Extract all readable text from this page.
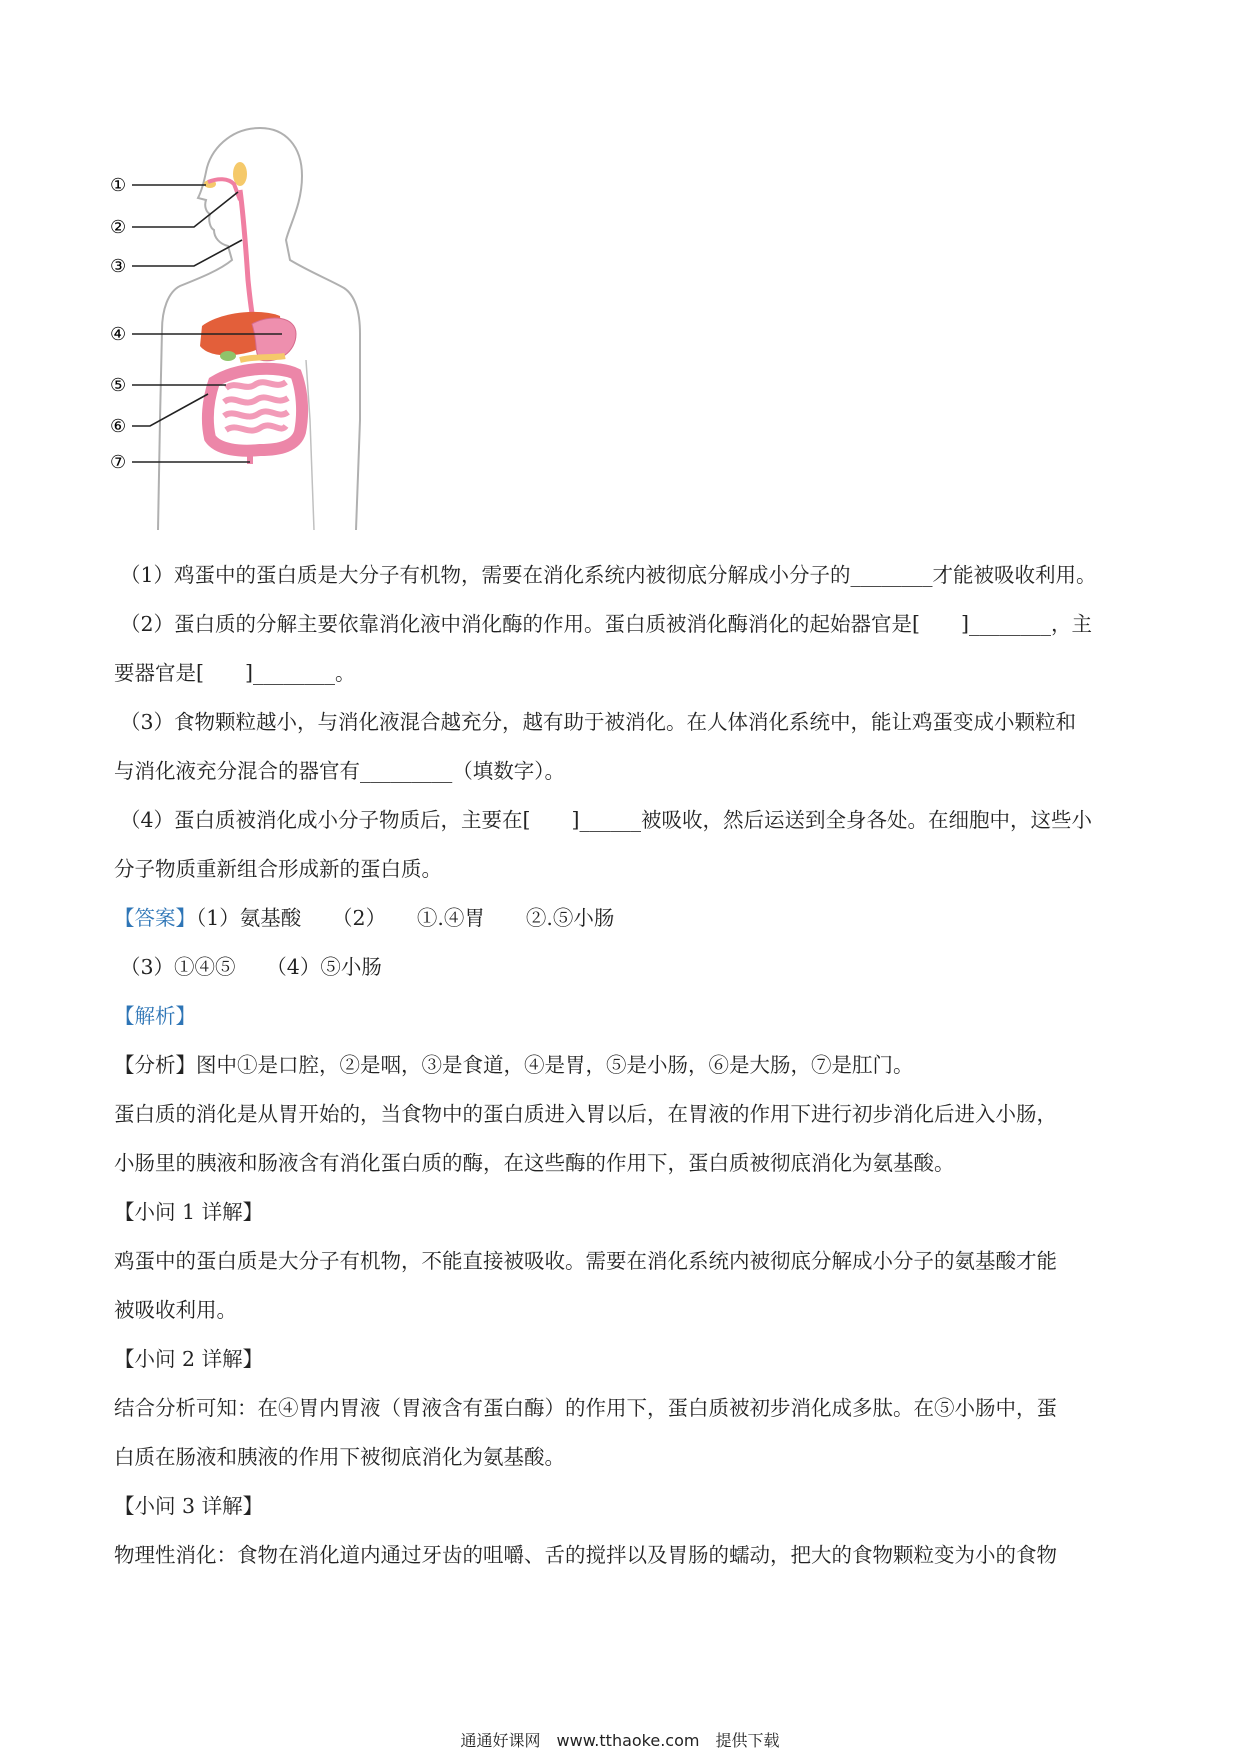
①
②
③
④
⑤
⑥
⑦
（1）鸡蛋中的蛋白质是大分子有机物，需要在消化系统内被彻底分解成小分子的________才能被吸收利用。
（2）蛋白质的分解主要依靠消化液中消化酶的作用。蛋白质被消化酶消化的起始器官是[　　]________，主
要器官是[　　]________。
（3）食物颗粒越小，与消化液混合越充分，越有助于被消化。在人体消化系统中，能让鸡蛋变成小颗粒和
与消化液充分混合的器官有_________（填数字）。
（4）蛋白质被消化成小分子物质后，主要在[　　]______被吸收，然后运送到全身各处。在细胞中，这些小
分子物质重新组合形成新的蛋白质。
【答案】（1）氨基酸　　（2）　　①.④胃　　②.⑤小肠
（3）①④⑤　　（4）⑤小肠
【解析】
【分析】图中①是口腔，②是咽，③是食道，④是胃，⑤是小肠，⑥是大肠，⑦是肛门。
蛋白质的消化是从胃开始的，当食物中的蛋白质进入胃以后，在胃液的作用下进行初步消化后进入小肠，
小肠里的胰液和肠液含有消化蛋白质的酶，在这些酶的作用下，蛋白质被彻底消化为氨基酸。
【小问 1 详解】
鸡蛋中的蛋白质是大分子有机物，不能直接被吸收。需要在消化系统内被彻底分解成小分子的氨基酸才能
被吸收利用。
【小问 2 详解】
结合分析可知：在④胃内胃液（胃液含有蛋白酶）的作用下，蛋白质被初步消化成多肽。在⑤小肠中，蛋
白质在肠液和胰液的作用下被彻底消化为氨基酸。
【小问 3 详解】
物理性消化：食物在消化道内通过牙齿的咀嚼、舌的搅拌以及胃肠的蠕动，把大的食物颗粒变为小的食物
通通好课网　www.tthaoke.com　提供下载
